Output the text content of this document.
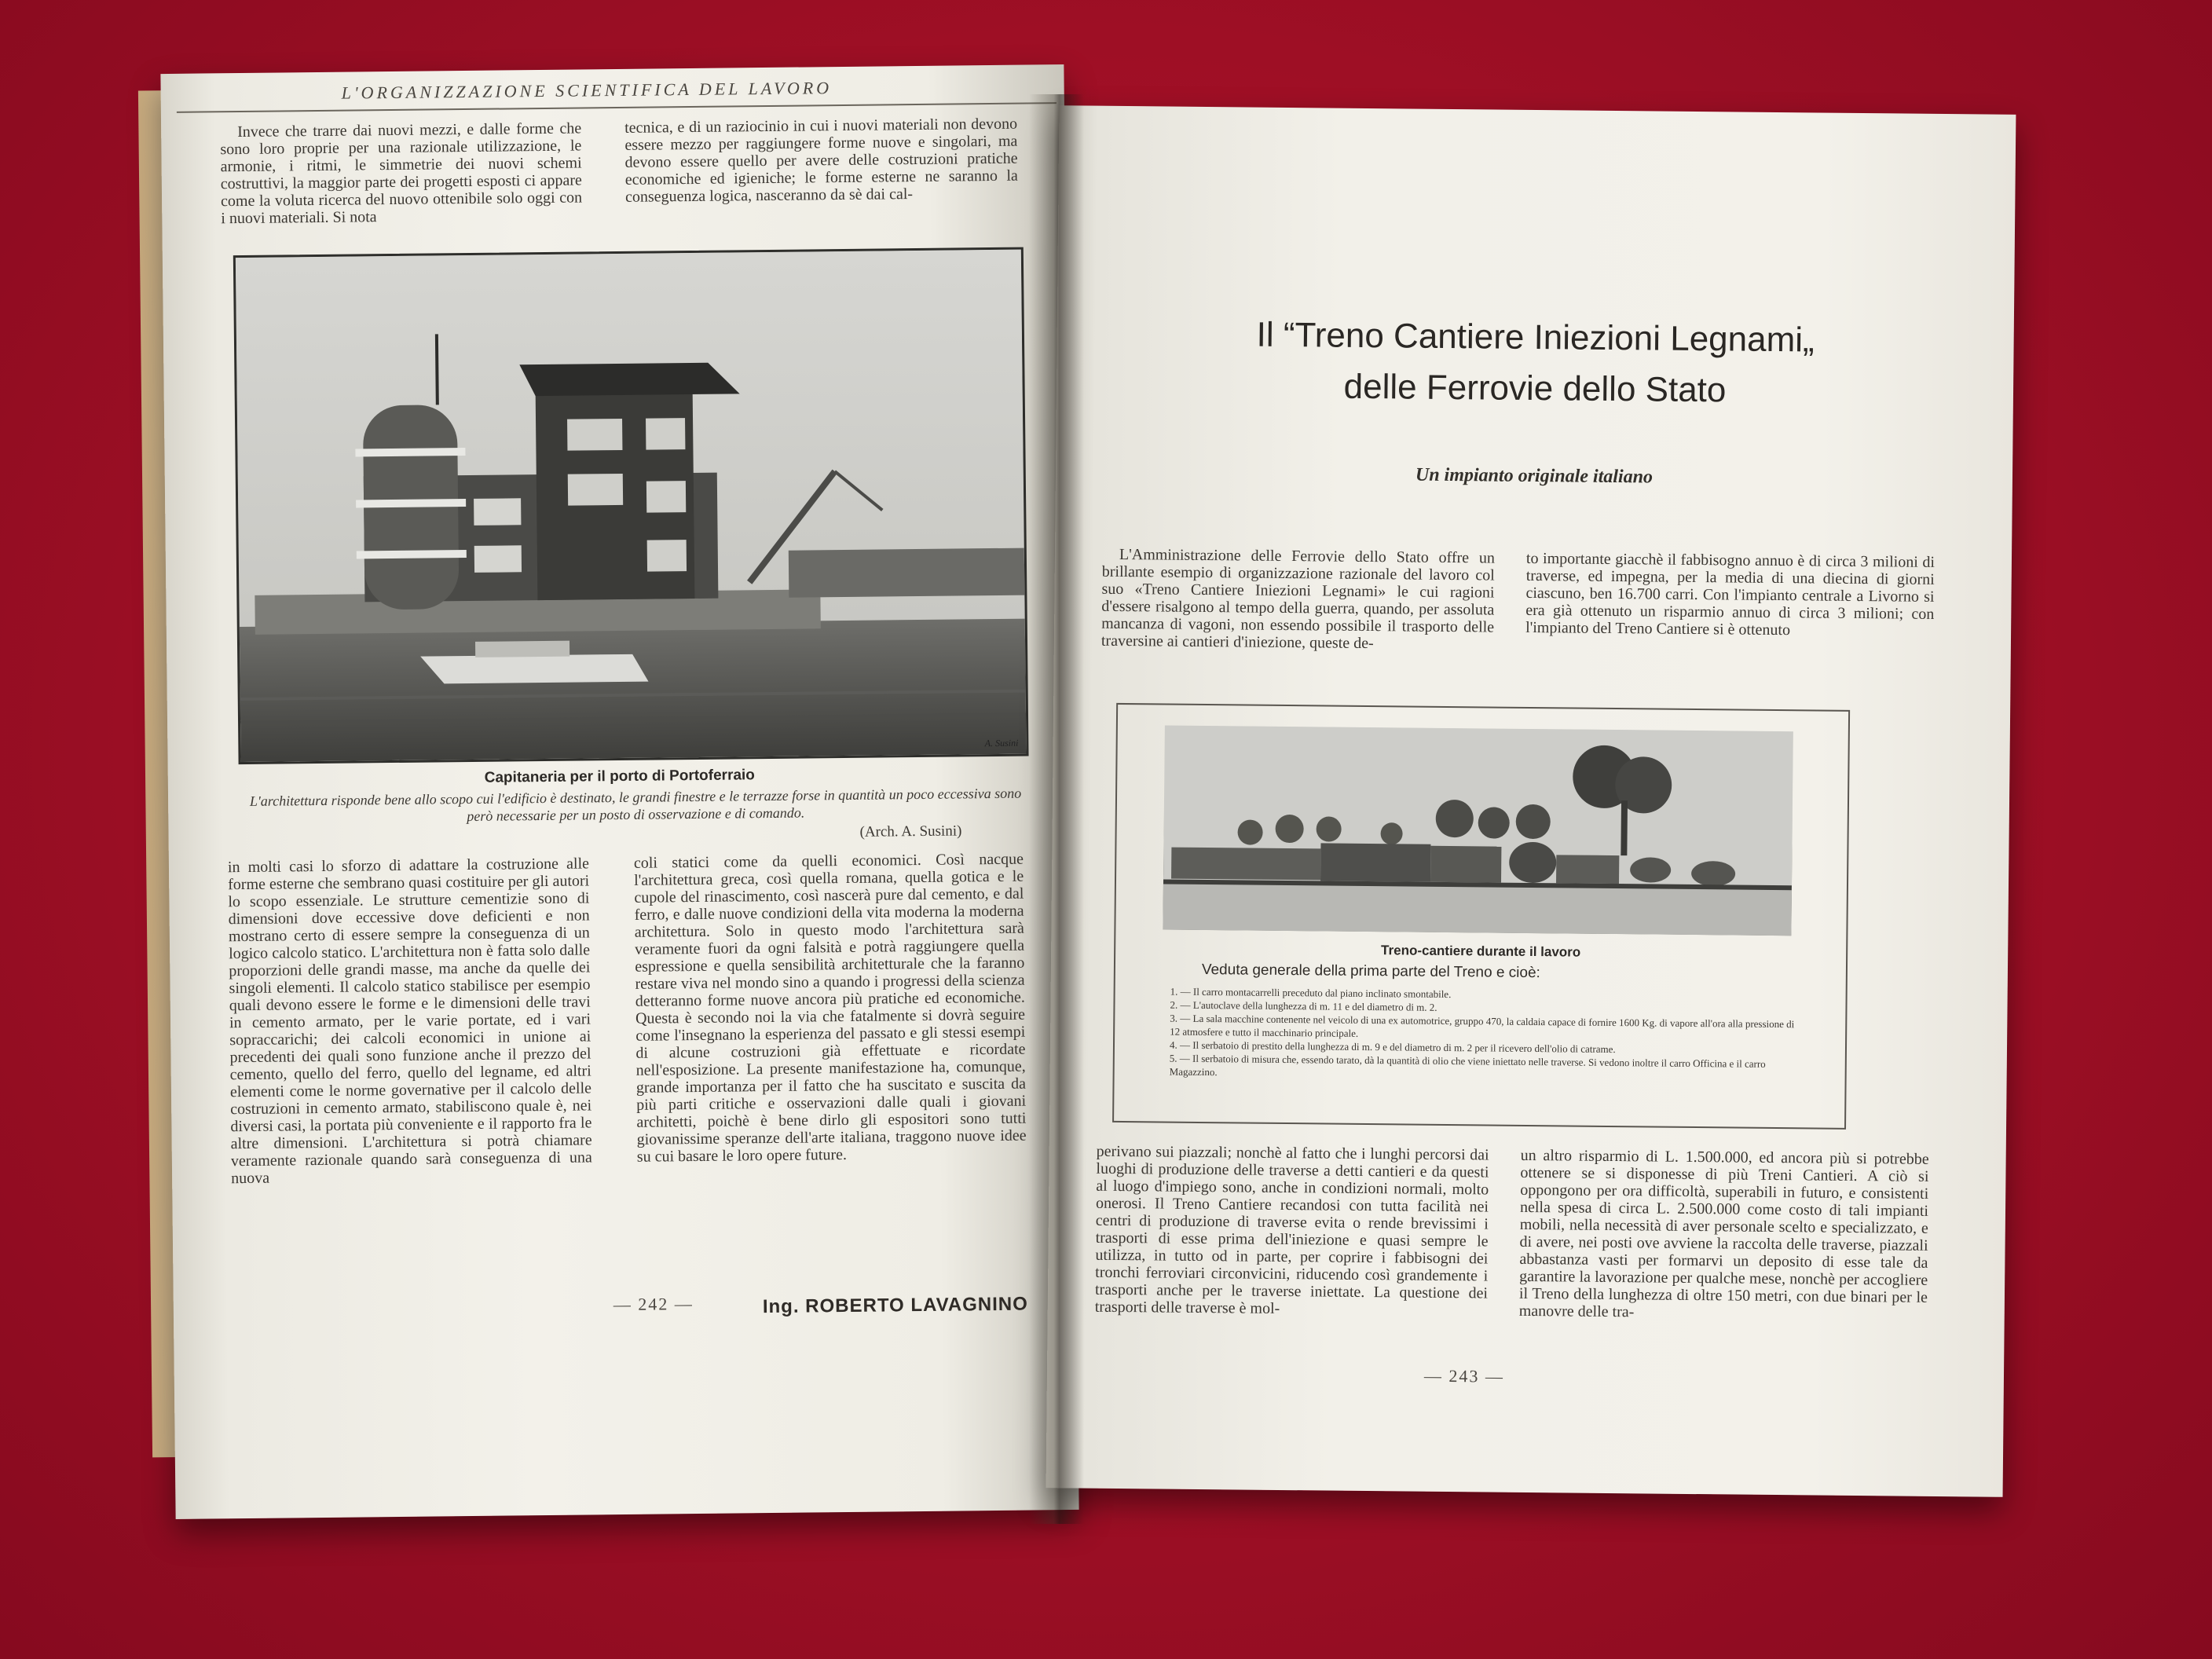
L'ORGANIZZAZIONE SCIENTIFICA DEL LAVORO

Invece che trarre dai nuovi mezzi, e dalle forme che sono loro proprie per una razionale utilizzazione, le armonie, i ritmi, le simmetrie dei nuovi schemi costruttivi, la maggior parte dei progetti esposti ci appare come la voluta ricerca del nuovo ottenibile solo oggi con i nuovi materiali. Si nota

tecnica, e di un raziocinio in cui i nuovi materiali non devono essere mezzo per raggiungere forme nuove e singolari, ma devono essere quello per avere delle costruzioni pratiche economiche ed igieniche; le forme esterne ne saranno la conseguenza logica, nasceranno da sè dai cal-

A. Susini
Capitaneria per il porto di Portoferraio
L'architettura risponde bene allo scopo cui l'edificio è destinato, le grandi finestre e le terrazze forse in quantità un poco eccessiva sono però necessarie per un posto di osservazione e di comando.
(Arch. A. Susini)

in molti casi lo sforzo di adattare la costruzione alle forme esterne che sembrano quasi costituire per gli autori lo scopo essenziale. Le strutture cementizie sono di dimensioni dove eccessive dove deficienti e non mostrano certo di essere sempre la conseguenza di un logico calcolo statico. L'architettura non è fatta solo dalle proporzioni delle grandi masse, ma anche da quelle dei singoli elementi. Il calcolo statico stabilisce per esempio quali devono essere le forme e le dimensioni delle travi in cemento armato, per le varie portate, ed i vari sopraccarichi; dei calcoli economici in unione ai precedenti dei quali sono funzione anche il prezzo del cemento, quello del ferro, quello del legname, ed altri elementi come le norme governative per il calcolo delle costruzioni in cemento armato, stabiliscono quale è, nei diversi casi, la portata più conveniente e il rapporto fra le altre dimensioni. L'architettura si potrà chiamare veramente razionale quando sarà conseguenza di una nuova

coli statici come da quelli economici. Così nacque l'architettura greca, così quella romana, quella gotica e le cupole del rinascimento, così nascerà pure dal cemento, e dal ferro, e dalle nuove condizioni della vita moderna la moderna architettura. Solo in questo modo l'architettura sarà veramente fuori da ogni falsità e potrà raggiungere quella espressione e quella sensibilità architetturale che la faranno restare viva nel mondo sino a quando i progressi della scienza detteranno forme nuove ancora più pratiche ed economiche. Questa è secondo noi la via che fatalmente si dovrà seguire come l'insegnano la esperienza del passato e gli stessi esempi di alcune costruzioni già effettuate e ricordate nell'esposizione. La presente manifestazione ha, comunque, grande importanza per il fatto che ha suscitato e suscita da più parti critiche e osservazioni dalle quali i giovani architetti, poichè è bene dirlo gli espositori sono tutti giovanissime speranze dell'arte italiana, traggono nuove idee su cui basare le loro opere future.

— 242 —	Ing. ROBERTO LAVAGNINO
Il “Treno Cantiere Iniezioni Legnami„
delle Ferrovie dello Stato
Un impianto originale italiano

L'Amministrazione delle Ferrovie dello Stato offre un brillante esempio di organizzazione razionale del lavoro col suo «Treno Cantiere Iniezioni Legnami» le cui ragioni d'essere risalgono al tempo della guerra, quando, per assoluta mancanza di vagoni, non essendo possibile il trasporto delle traversine ai cantieri d'iniezione, queste de-

to importante giacchè il fabbisogno annuo è di circa 3 milioni di traverse, ed impegna, per la media di una diecina di giorni ciascuno, ben 16.700 carri. Con l'impianto centrale a Livorno si era già ottenuto un risparmio annuo di circa 3 milioni; con l'impianto del Treno Cantiere si è ottenuto

Treno-cantiere durante il lavoro
Veduta generale della prima parte del Treno e cioè:
1. — Il carro montacarrelli preceduto dal piano inclinato smontabile.
2. — L'autoclave della lunghezza di m. 11 e del diametro di m. 2.
3. — La sala macchine contenente nel veicolo di una ex automotrice, gruppo 470, la caldaia capace di fornire 1600 Kg. di vapore all'ora alla pressione di 12 atmosfere e tutto il macchinario principale.
4. — Il serbatoio di prestito della lunghezza di m. 9 e del diametro di m. 2 per il ricevero dell'olio di catrame.
5. — Il serbatoio di misura che, essendo tarato, dà la quantità di olio che viene iniettato nelle traverse. Si vedono inoltre il carro Officina e il carro Magazzino.

perivano sui piazzali; nonchè al fatto che i lunghi percorsi dai luoghi di produzione delle traverse a detti cantieri e da questi al luogo d'impiego sono, anche in condizioni normali, molto onerosi. Il Treno Cantiere recandosi con tutta facilità nei centri di produzione di traverse evita o rende brevissimi i trasporti di esse prima dell'iniezione e quasi sempre le utilizza, in tutto od in parte, per coprire i fabbisogni dei tronchi ferroviari circonvicini, riducendo così grandemente i trasporti anche per le traverse iniettate. La questione dei trasporti delle traverse è mol-

un altro risparmio di L. 1.500.000, ed ancora più si potrebbe ottenere se si disponesse di più Treni Cantieri. A ciò si oppongono per ora difficoltà, superabili in futuro, e consistenti nella spesa di circa L. 2.500.000 come costo di tali impianti mobili, nella necessità di aver personale scelto e specializzato, e di avere, nei posti ove avviene la raccolta delle traverse, piazzali abbastanza vasti per formarvi un deposito di esse tale da garantire la lavorazione per qualche mese, nonchè per accogliere il Treno della lunghezza di oltre 150 metri, con due binari per le manovre delle tra-

— 243 —
